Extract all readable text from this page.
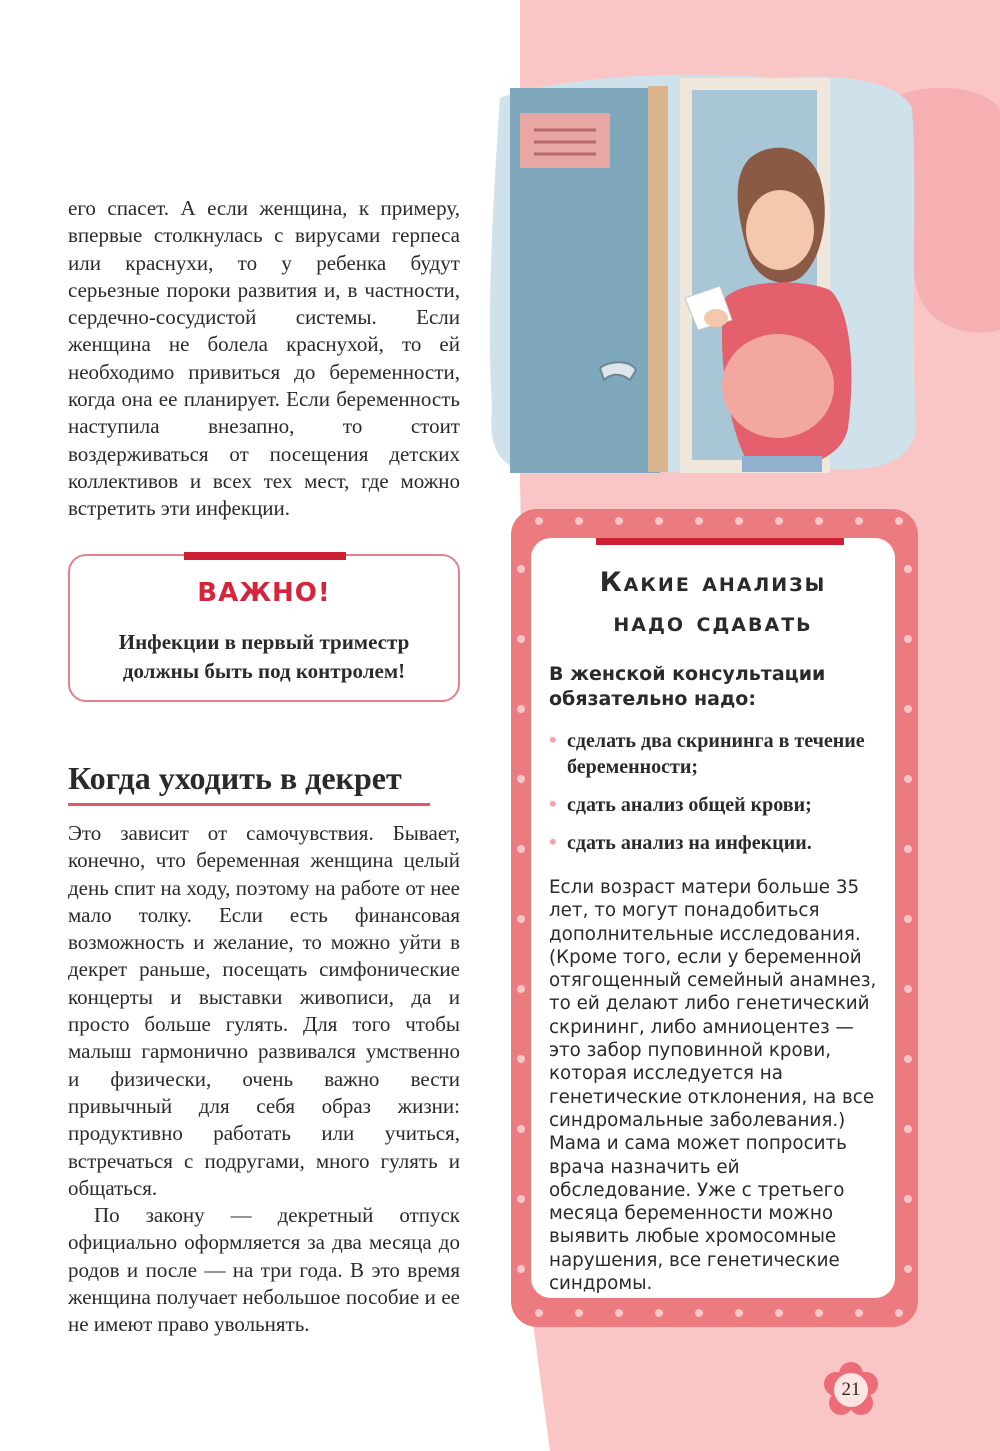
его спасет. А если женщина, к примеру, впервые столкнулась с вирусами герпеса или краснухи, то у ребенка будут серьезные пороки развития и, в частности, сердечно-сосудистой системы. Если женщина не болела краснухой, то ей необходимо привиться до беременности, когда она ее планирует. Если беременность наступила внезапно, то стоит воздерживаться от посещения детских коллективов и всех тех мест, где можно встретить эти инфекции.

ВАЖНО!
Инфекции в первый триместр должны быть под контролем!
Когда уходить в декрет

Это зависит от самочувствия. Бывает, конечно, что беременная женщина целый день спит на ходу, поэтому на работе от нее мало толку. Если есть финансовая возможность и желание, то можно уйти в декрет раньше, посещать симфонические концерты и выставки живописи, да и просто больше гулять. Для того чтобы малыш гармонично развивался умственно и физически, очень важно вести привычный для себя образ жизни: продуктивно работать или учиться, встречаться с подругами, много гулять и общаться.

По закону — декретный отпуск официально оформляется за два месяца до родов и после — на три года. В это время женщина получает небольшое пособие и ее не имеют право увольнять.

Какие анализы
надо сдавать
В женской консультации обязательно надо:
• сделать два скрининга в течение беременности;
• сдать анализ общей крови;
• сдать анализ на инфекции.
Если возраст матери больше 35 лет, то могут понадобиться дополнительные исследования. (Кроме того, если у беременной отягощенный семейный анамнез, то ей делают либо генетический скрининг, либо амниоцентез — это забор пуповинной крови, которая исследуется на генетические отклонения, на все синдромальные заболевания.) Мама и сама может попросить врача назначить ей обследование. Уже с третьего месяца беременности можно выявить любые хромосомные нарушения, все генетические синдромы.
21
